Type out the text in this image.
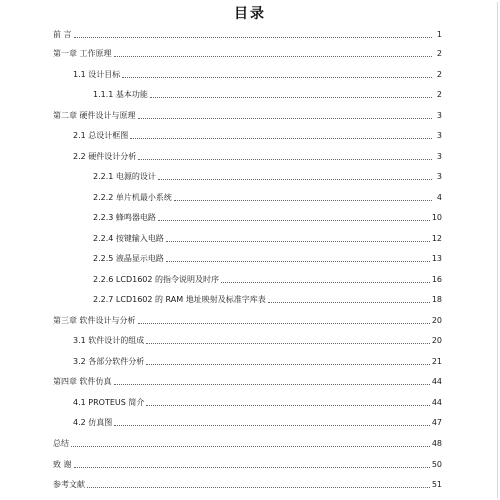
目录
前 言	1
第一章 工作原理	2
1.1 设计目标	2
1.1.1 基本功能	2
第二章 硬件设计与原理	3
2.1 总设计框图	3
2.2 硬件设计分析	3
2.2.1 电源的设计	3
2.2.2 单片机最小系统	4
2.2.3 蜂鸣器电路	10
2.2.4 按键输入电路	12
2.2.5 液晶显示电路	13
2.2.6 LCD1602 的指令说明及时序	16
2.2.7 LCD1602 的 RAM 地址映射及标准字库表	18
第三章 软件设计与分析	20
3.1 软件设计的组成	20
3.2 各部分软件分析	21
第四章 软件仿真	44
4.1 PROTEUS 简介	44
4.2 仿真图	47
总结	48
致 谢	50
参考文献	51
